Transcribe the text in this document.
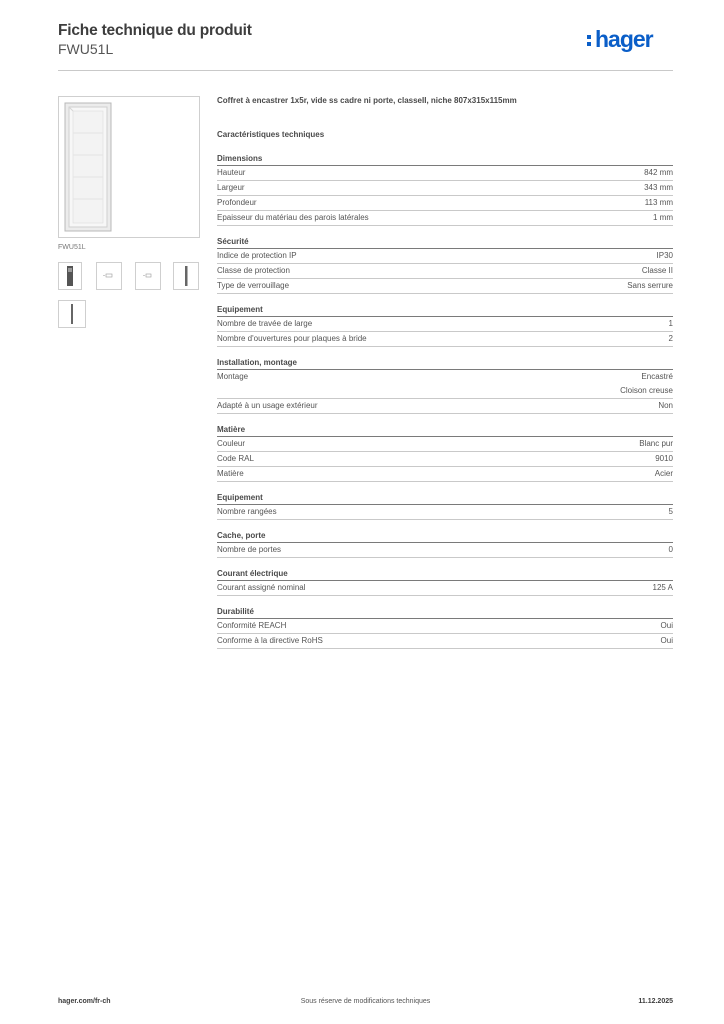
Fiche technique du produit
FWU51L	hager
FWU51L
Coffret à encastrer 1x5r, vide ss cadre ni porte, classeII, niche 807x315x115mm
Caractéristiques techniques
Dimensions
Hauteur	842 mm
Largeur	343 mm
Profondeur	113 mm
Epaisseur du matériau des parois latérales	1 mm
Sécurité
Indice de protection IP	IP30
Classe de protection	Classe II
Type de verrouillage	Sans serrure
Equipement
Nombre de travée de large	1
Nombre d'ouvertures pour plaques à bride	2
Installation, montage
Montage	Encastré
Cloison creuse
Adapté à un usage extérieur	Non
Matière
Couleur	Blanc pur
Code RAL	9010
Matière	Acier
Equipement
Nombre rangées	5
Cache, porte
Nombre de portes	0
Courant électrique
Courant assigné nominal	125 A
Durabilité
Conformité REACH	Oui
Conforme à la directive RoHS	Oui
hager.com/fr-ch	Sous réserve de modifications techniques	11.12.2025
